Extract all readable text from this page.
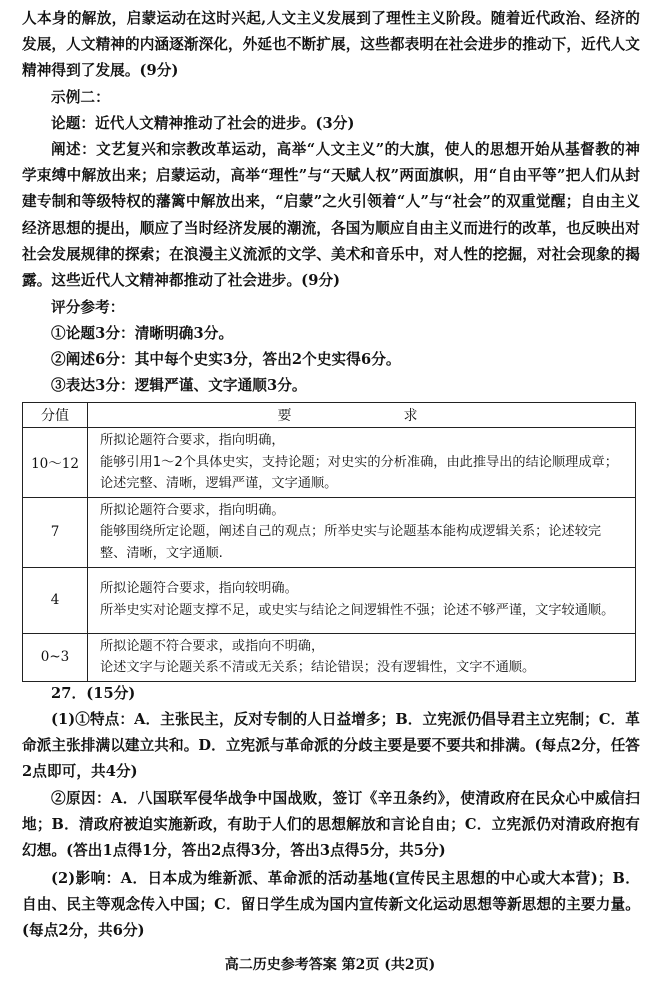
人本身的解放，启蒙运动在这时兴起,人文主义发展到了理性主义阶段。随着近代政治、经济的发展，人文精神的内涵逐渐深化，外延也不断扩展，这些都表明在社会进步的推动下，近代人文精神得到了发展。(9分)

示例二：

论题：近代人文精神推动了社会的进步。(3分)

阐述：文艺复兴和宗教改革运动，高举“人文主义”的大旗，使人的思想开始从基督教的神学束缚中解放出来；启蒙运动，高举“理性”与“天赋人权”两面旗帜，用“自由平等”把人们从封建专制和等级特权的藩篱中解放出来，“启蒙”之火引领着“人”与“社会”的双重觉醒；自由主义经济思想的提出，顺应了当时经济发展的潮流，各国为顺应自由主义而进行的改革，也反映出对社会发展规律的探索；在浪漫主义流派的文学、美术和音乐中，对人性的挖掘，对社会现象的揭露。这些近代人文精神都推动了社会进步。(9分)

评分参考：

①论题3分：清晰明确3分。

②阐述6分：其中每个史实3分，答出2个史实得6分。

③表达3分：逻辑严谨、文字通顺3分。

分值	要　　求
10～12	所拟论题符合要求，指向明确，
能够引用1～2个具体史实，支持论题；对史实的分析准确，由此推导出的结论顺理成章；论述完整、清晰，逻辑严谨，文字通顺。

7	所拟论题符合要求，指向明确。
能够围绕所定论题，阐述自己的观点；所举史实与论题基本能构成逻辑关系；论述较完整、清晰，文字通顺.

4	所拟论题符合要求，指向较明确。
所举史实对论题支撑不足，或史实与结论之间逻辑性不强；论述不够严谨，文字较通顺。

0~3	所拟论题不符合要求，或指向不明确，
论述文字与论题关系不清或无关系；结论错误；没有逻辑性，文字不通顺。

27．(15分)

(1)①特点：A．主张民主，反对专制的人日益增多；B．立宪派仍倡导君主立宪制；C．革命派主张排满以建立共和。D．立宪派与革命派的分歧主要是要不要共和排满。(每点2分，任答2点即可，共4分)

②原因：A．八国联军侵华战争中国战败，签订《辛丑条约》，使清政府在民众心中威信扫地；B．清政府被迫实施新政，有助于人们的思想解放和言论自由；C．立宪派仍对清政府抱有幻想。(答出1点得1分，答出2点得3分，答出3点得5分，共5分)

(2)影响：A．日本成为维新派、革命派的活动基地(宣传民主思想的中心或大本营)；B．自由、民主等观念传入中国；C．留日学生成为国内宣传新文化运动思想等新思想的主要力量。(每点2分，共6分)

高二历史参考答案 第2页 (共2页)
